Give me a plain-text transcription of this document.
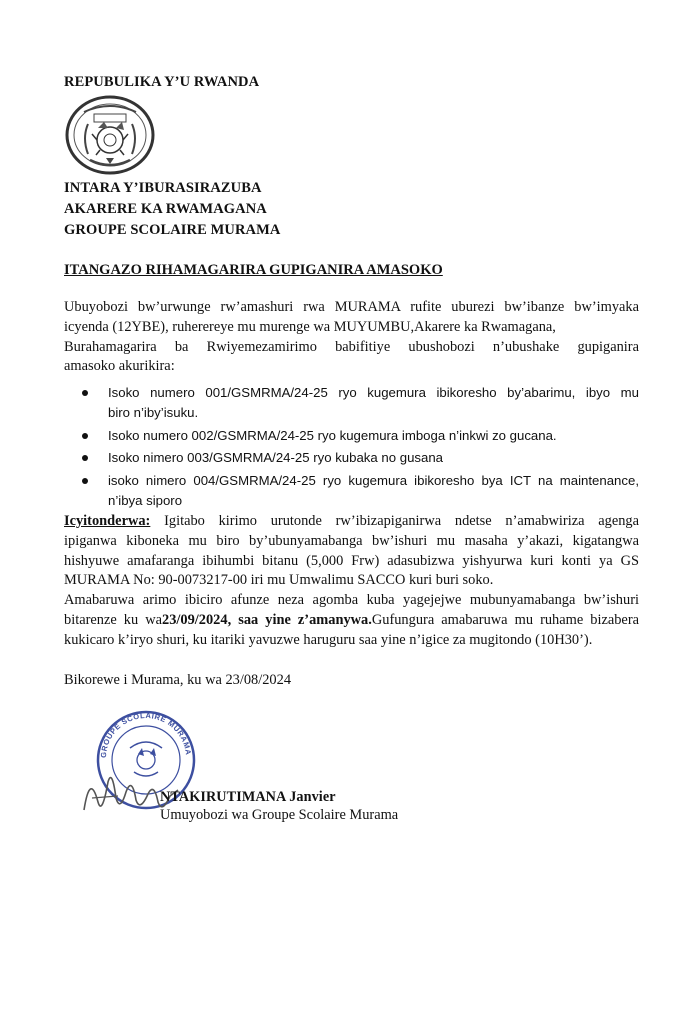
REPUBULIKA Y’U RWANDA
INTARA Y’IBURASIRAZUBA
AKARERE KA RWAMAGANA
GROUPE SCOLAIRE MURAMA
ITANGAZO RIHAMAGARIRA GUPIGANIRA AMASOKO
Ubuyobozi bw’urwunge rw’amashuri rwa MURAMA rufite uburezi bw’ibanze bw’imyaka
icyenda (12YBE), ruherereye mu murenge wa MUYUMBU,Akarere ka Rwamagana,
Burahamagarira ba Rwiyemezamirimo babifitiye ubushobozi n’ubushake gupiganira
amasoko akurikira:
Isoko numero 001/GSMRMA/24-25 ryo kugemura ibikoresho by’abarimu, ibyo mu
biro n’iby’isuku.
Isoko numero 002/GSMRMA/24-25 ryo kugemura imboga n’inkwi zo gucana.
Isoko nimero 003/GSMRMA/24-25 ryo kubaka no gusana
isoko nimero 004/GSMRMA/24-25 ryo kugemura ibikoresho bya ICT na maintenance,
n’ibya siporo
Icyitonderwa: Igitabo kirimo urutonde rw’ibizapiganirwa ndetse n’amabwiriza agenga
ipiganwa kiboneka mu biro by’ubunyamabanga bw’ishuri mu masaha y’akazi, kigatangwa
hishyuwe amafaranga ibihumbi bitanu (5,000 Frw) adasubizwa yishyurwa kuri konti ya GS
MURAMA No: 90-0073217-00 iri mu Umwalimu SACCO kuri buri soko.
Amabaruwa arimo ibiciro afunze neza agomba kuba yagejejwe mubunyamabanga bw’ishuri
bitarenze ku wa23/09/2024, saa yine z’amanywa.Gufungura amabaruwa mu ruhame bizabera
kukicaro k’iryo shuri, ku itariki yavuzwe haruguru saa yine n’igice za mugitondo (10H30’).
Bikorewe i Murama, ku wa 23/08/2024
GROUPE SCOLAIRE MURAMA
NTAKIRUTIMANA Janvier
Umuyobozi wa Groupe Scolaire Murama
